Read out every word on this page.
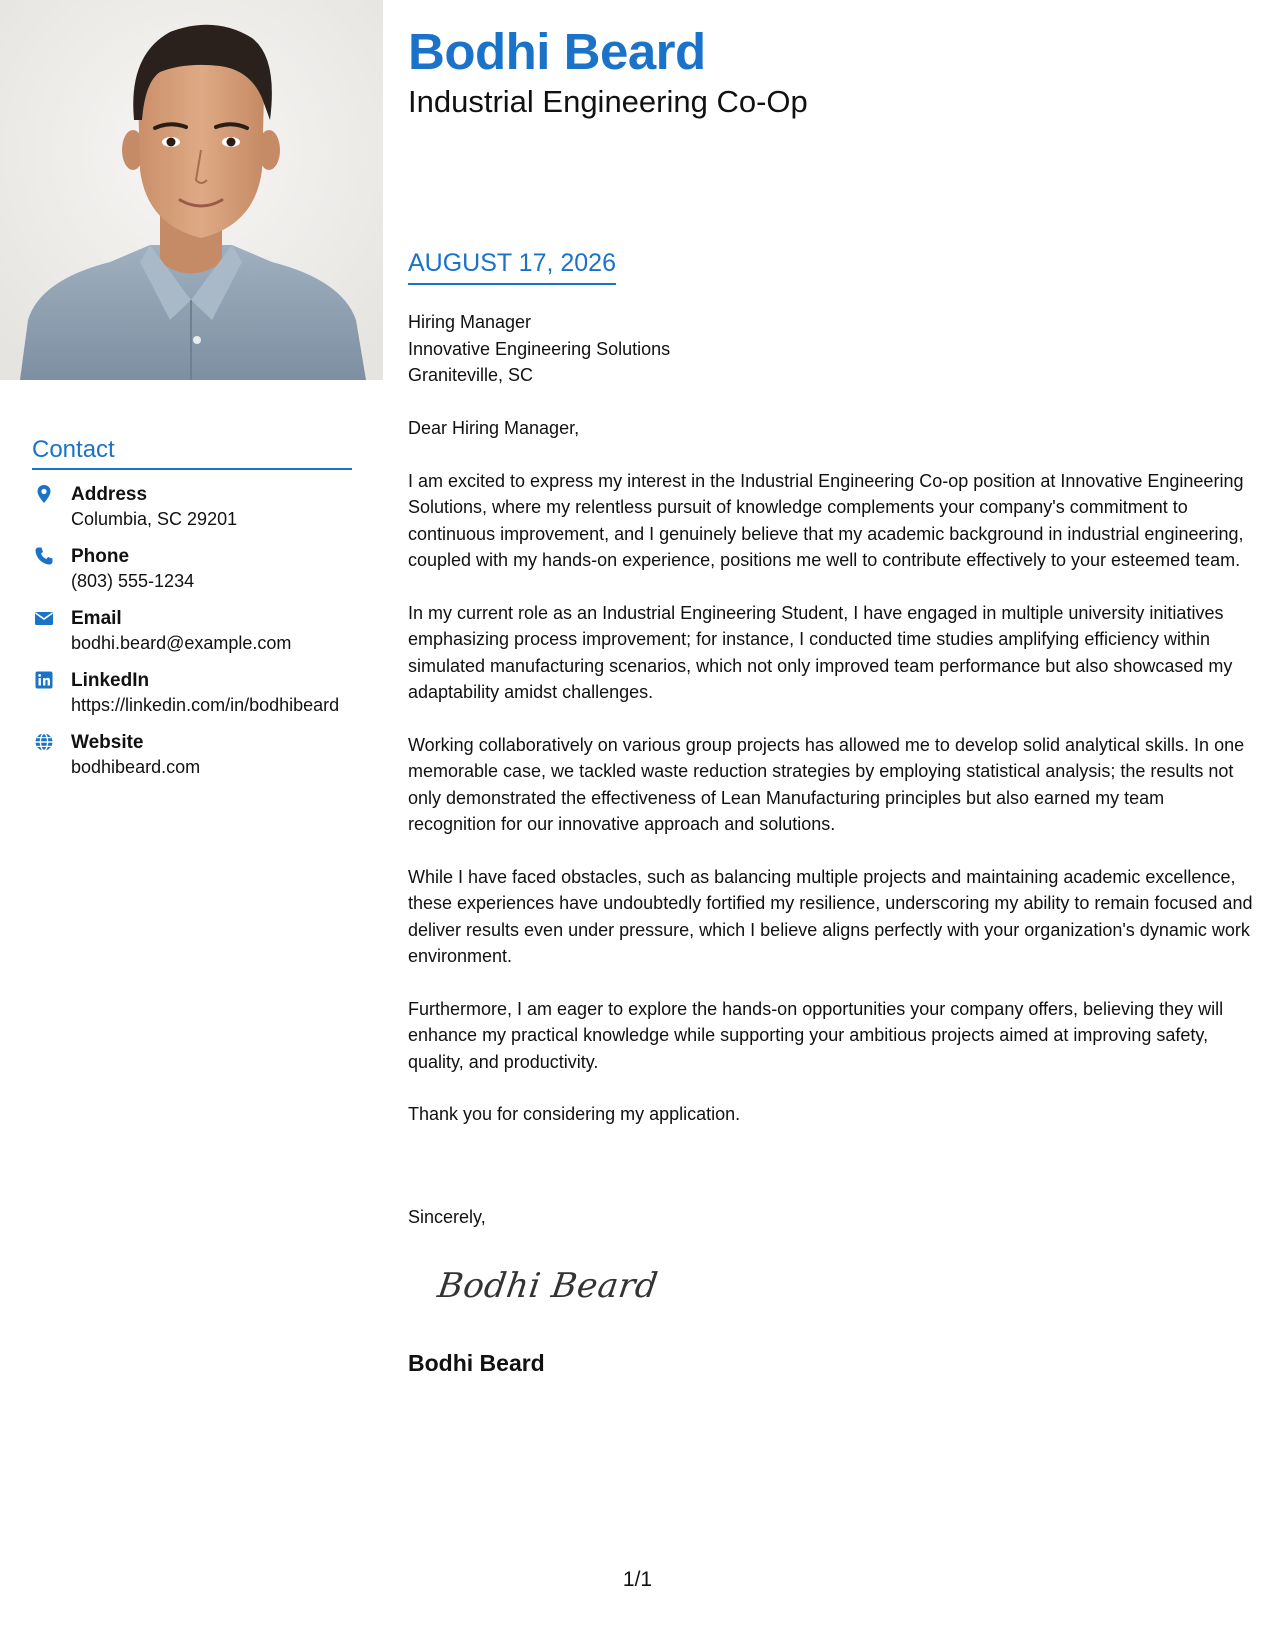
Contact
Address
Columbia, SC 29201
Phone
(803) 555-1234
Email
bodhi.beard@example.com
LinkedIn
https://linkedin.com/in/bodhibeard
Website
bodhibeard.com
Bodhi Beard
Industrial Engineering Co-Op
AUGUST 17, 2026
Hiring Manager
Innovative Engineering Solutions
Graniteville, SC

Dear Hiring Manager,

I am excited to express my interest in the Industrial Engineering Co-op position at Innovative Engineering Solutions, where my relentless pursuit of knowledge complements your company's commitment to continuous improvement, and I genuinely believe that my academic background in industrial engineering, coupled with my hands-on experience, positions me well to contribute effectively to your esteemed team.

In my current role as an Industrial Engineering Student, I have engaged in multiple university initiatives emphasizing process improvement; for instance, I conducted time studies amplifying efficiency within simulated manufacturing scenarios, which not only improved team performance but also showcased my adaptability amidst challenges.

Working collaboratively on various group projects has allowed me to develop solid analytical skills. In one memorable case, we tackled waste reduction strategies by employing statistical analysis; the results not only demonstrated the effectiveness of Lean Manufacturing principles but also earned my team recognition for our innovative approach and solutions.

While I have faced obstacles, such as balancing multiple projects and maintaining academic excellence, these experiences have undoubtedly fortified my resilience, underscoring my ability to remain focused and deliver results even under pressure, which I believe aligns perfectly with your organization's dynamic work environment.

Furthermore, I am eager to explore the hands-on opportunities your company offers, believing they will enhance my practical knowledge while supporting your ambitious projects aimed at improving safety, quality, and productivity.

Thank you for considering my application.

Sincerely,
Bodhi Beard
Bodhi Beard
1/1
